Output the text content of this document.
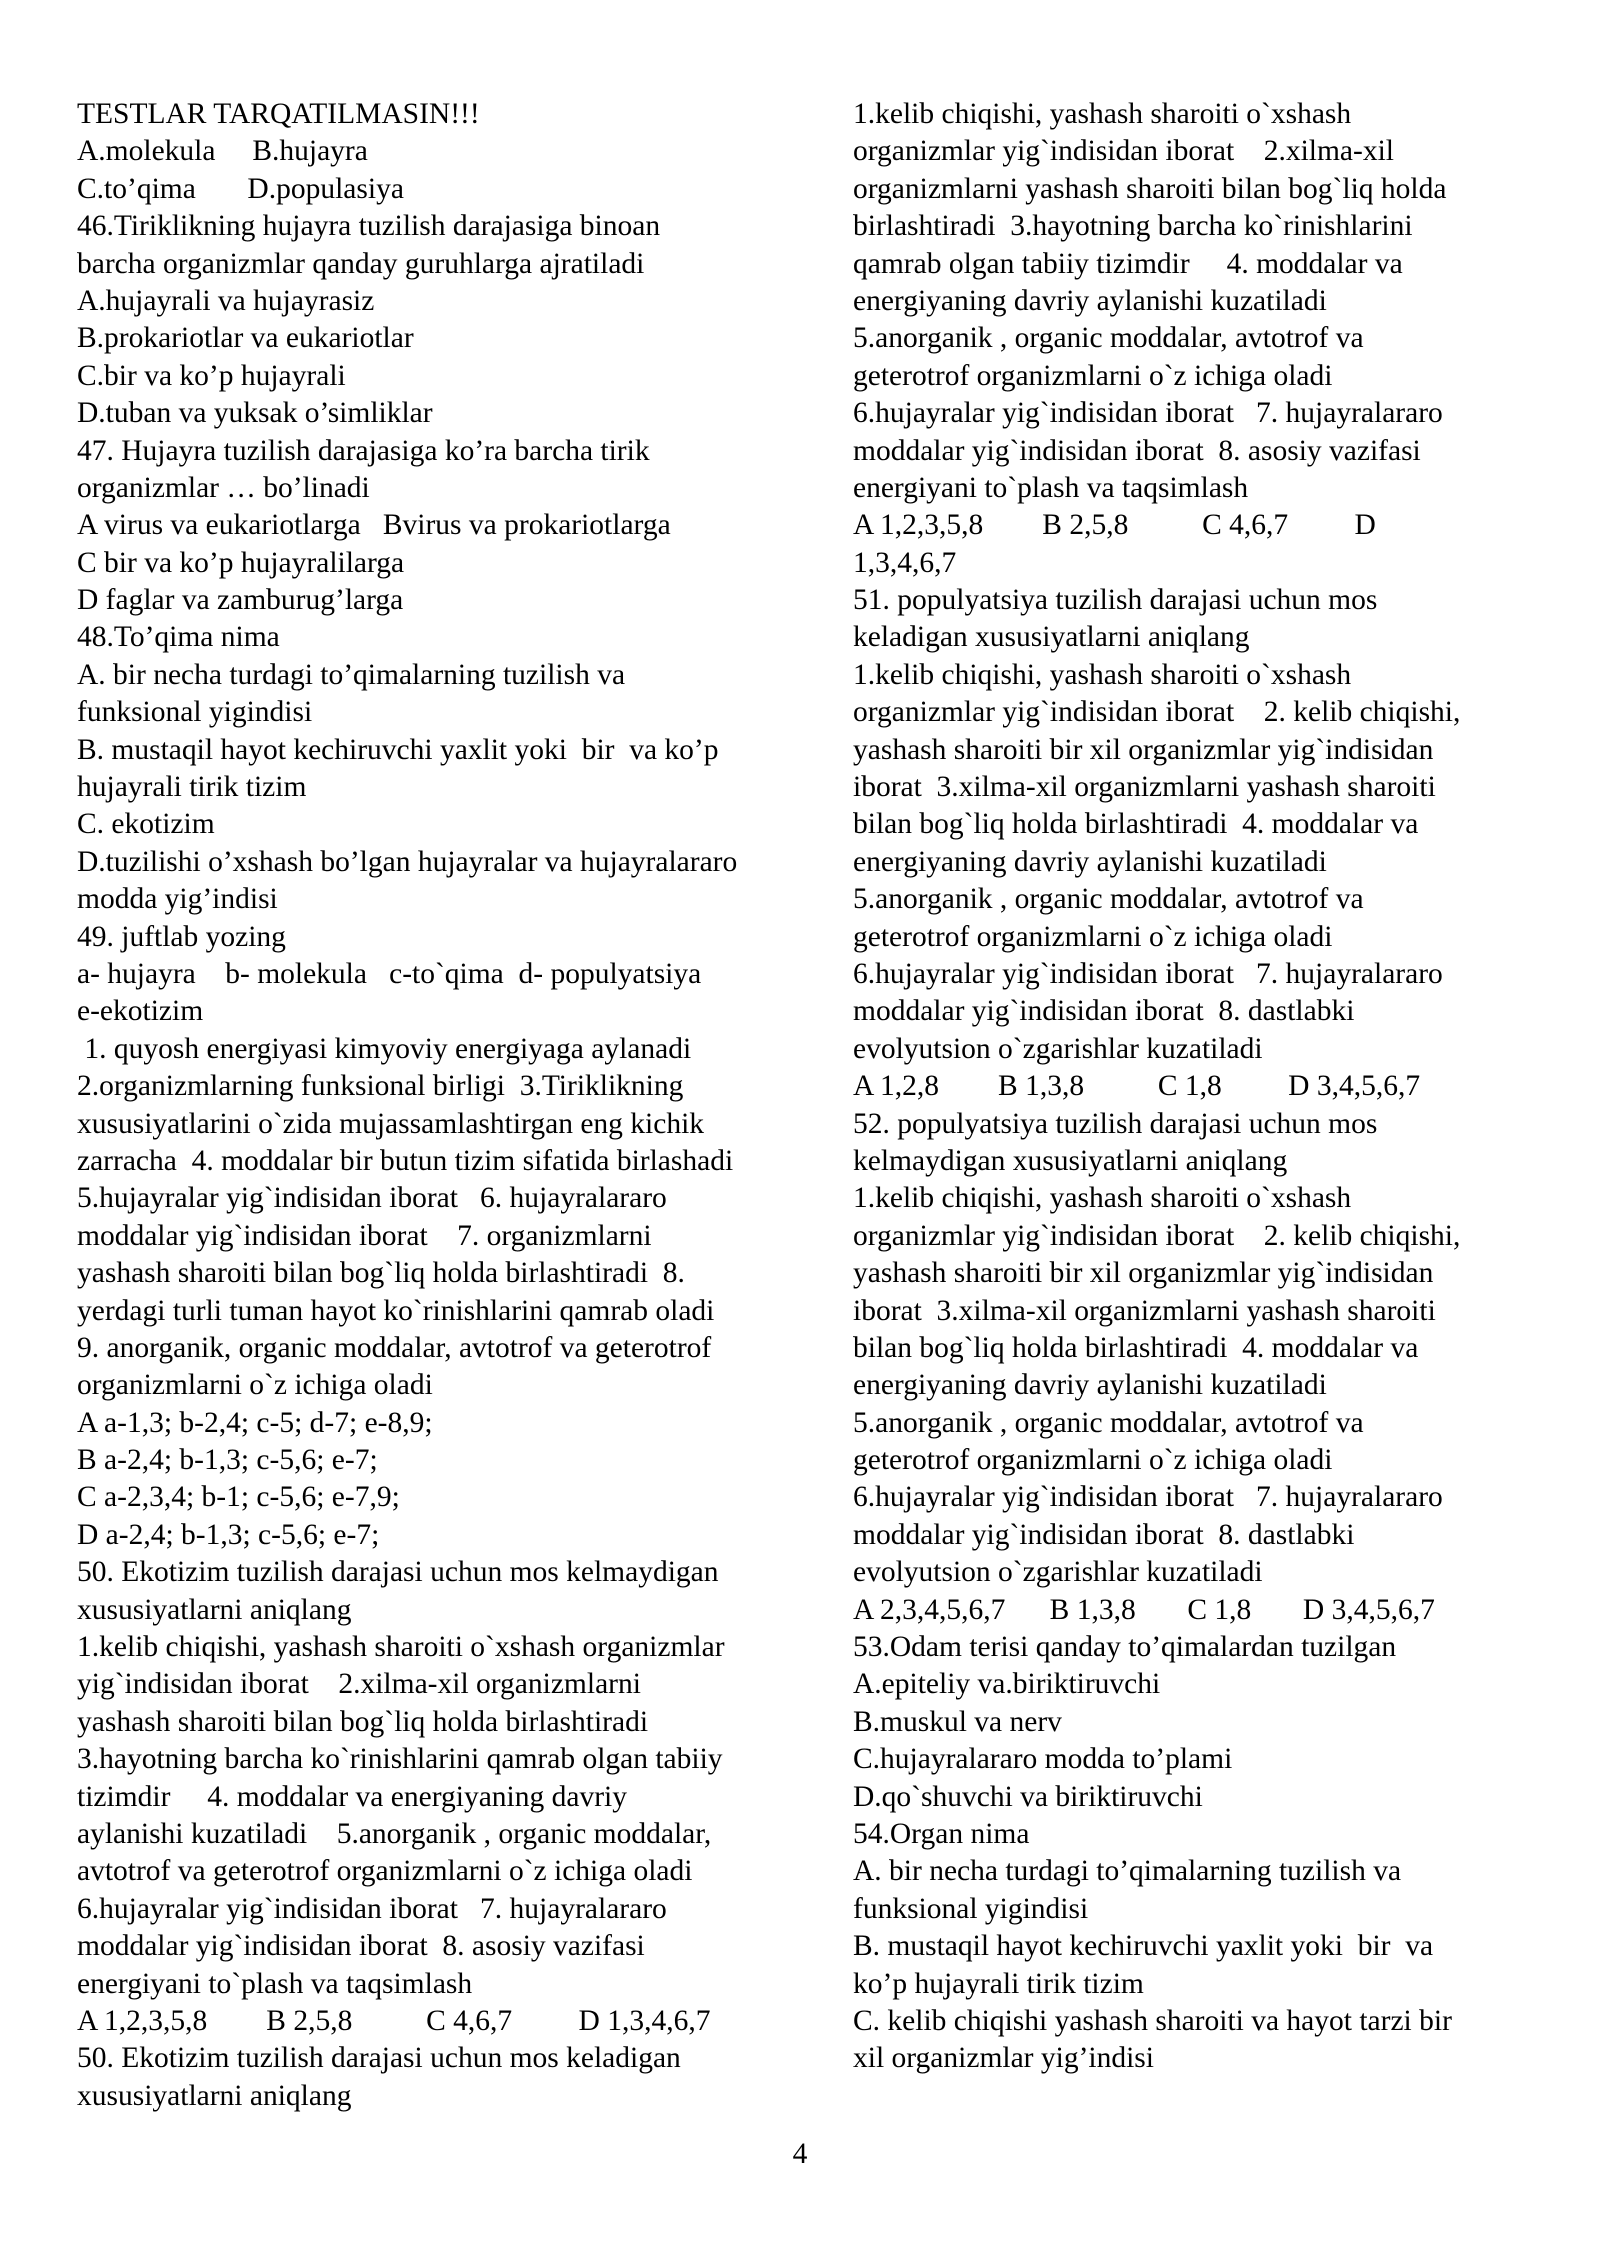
TESTLAR TARQATILMASIN!!!
A.molekula     B.hujayra
C.to’qima       D.populasiya
46.Tiriklikning hujayra tuzilish darajasiga binoan
barcha organizmlar qanday guruhlarga ajratiladi
A.hujayrali va hujayrasiz
B.prokariotlar va eukariotlar
C.bir va ko’p hujayrali
D.tuban va yuksak o’simliklar
47. Hujayra tuzilish darajasiga ko’ra barcha tirik
organizmlar … bo’linadi
A virus va eukariotlarga   Bvirus va prokariotlarga
C bir va ko’p hujayralilarga
D faglar va zamburug’larga
48.To’qima nima
A. bir necha turdagi to’qimalarning tuzilish va
funksional yigindisi
B. mustaqil hayot kechiruvchi yaxlit yoki  bir  va ko’p
hujayrali tirik tizim
C. ekotizim
D.tuzilishi o’xshash bo’lgan hujayralar va hujayralararo
modda yig’indisi
49. juftlab yozing
a- hujayra    b- molekula   c-to`qima  d- populyatsiya
e-ekotizim
1. quyosh energiyasi kimyoviy energiyaga aylanadi
2.organizmlarning funksional birligi  3.Tiriklikning
xususiyatlarini o`zida mujassamlashtirgan eng kichik
zarracha  4. moddalar bir butun tizim sifatida birlashadi
5.hujayralar yig`indisidan iborat   6. hujayralararo
moddalar yig`indisidan iborat    7. organizmlarni
yashash sharoiti bilan bog`liq holda birlashtiradi  8.
yerdagi turli tuman hayot ko`rinishlarini qamrab oladi
9. anorganik, organic moddalar, avtotrof va geterotrof
organizmlarni o`z ichiga oladi
A a-1,3; b-2,4; c-5; d-7; e-8,9;
B a-2,4; b-1,3; c-5,6; e-7;
C a-2,3,4; b-1; c-5,6; e-7,9;
D a-2,4; b-1,3; c-5,6; e-7;
50. Ekotizim tuzilish darajasi uchun mos kelmaydigan
xususiyatlarni aniqlang
1.kelib chiqishi, yashash sharoiti o`xshash organizmlar
yig`indisidan iborat    2.xilma-xil organizmlarni
yashash sharoiti bilan bog`liq holda birlashtiradi
3.hayotning barcha ko`rinishlarini qamrab olgan tabiiy
tizimdir     4. moddalar va energiyaning davriy
aylanishi kuzatiladi    5.anorganik , organic moddalar,
avtotrof va geterotrof organizmlarni o`z ichiga oladi
6.hujayralar yig`indisidan iborat   7. hujayralararo
moddalar yig`indisidan iborat  8. asosiy vazifasi
energiyani to`plash va taqsimlash
A 1,2,3,5,8        B 2,5,8          C 4,6,7         D 1,3,4,6,7
50. Ekotizim tuzilish darajasi uchun mos keladigan
xususiyatlarni aniqlang
1.kelib chiqishi, yashash sharoiti o`xshash
organizmlar yig`indisidan iborat    2.xilma-xil
organizmlarni yashash sharoiti bilan bog`liq holda
birlashtiradi  3.hayotning barcha ko`rinishlarini
qamrab olgan tabiiy tizimdir     4. moddalar va
energiyaning davriy aylanishi kuzatiladi
5.anorganik , organic moddalar, avtotrof va
geterotrof organizmlarni o`z ichiga oladi
6.hujayralar yig`indisidan iborat   7. hujayralararo
moddalar yig`indisidan iborat  8. asosiy vazifasi
energiyani to`plash va taqsimlash
A 1,2,3,5,8        B 2,5,8          C 4,6,7         D
1,3,4,6,7
51. populyatsiya tuzilish darajasi uchun mos
keladigan xususiyatlarni aniqlang
1.kelib chiqishi, yashash sharoiti o`xshash
organizmlar yig`indisidan iborat    2. kelib chiqishi,
yashash sharoiti bir xil organizmlar yig`indisidan
iborat  3.xilma-xil organizmlarni yashash sharoiti
bilan bog`liq holda birlashtiradi  4. moddalar va
energiyaning davriy aylanishi kuzatiladi
5.anorganik , organic moddalar, avtotrof va
geterotrof organizmlarni o`z ichiga oladi
6.hujayralar yig`indisidan iborat   7. hujayralararo
moddalar yig`indisidan iborat  8. dastlabki
evolyutsion o`zgarishlar kuzatiladi
A 1,2,8        B 1,3,8          C 1,8         D 3,4,5,6,7
52. populyatsiya tuzilish darajasi uchun mos
kelmaydigan xususiyatlarni aniqlang
1.kelib chiqishi, yashash sharoiti o`xshash
organizmlar yig`indisidan iborat    2. kelib chiqishi,
yashash sharoiti bir xil organizmlar yig`indisidan
iborat  3.xilma-xil organizmlarni yashash sharoiti
bilan bog`liq holda birlashtiradi  4. moddalar va
energiyaning davriy aylanishi kuzatiladi
5.anorganik , organic moddalar, avtotrof va
geterotrof organizmlarni o`z ichiga oladi
6.hujayralar yig`indisidan iborat   7. hujayralararo
moddalar yig`indisidan iborat  8. dastlabki
evolyutsion o`zgarishlar kuzatiladi
A 2,3,4,5,6,7      B 1,3,8       C 1,8       D 3,4,5,6,7
53.Odam terisi qanday to’qimalardan tuzilgan
A.epiteliy va.biriktiruvchi
B.muskul va nerv
C.hujayralararo modda to’plami
D.qo`shuvchi va biriktiruvchi
54.Organ nima
A. bir necha turdagi to’qimalarning tuzilish va
funksional yigindisi
B. mustaqil hayot kechiruvchi yaxlit yoki  bir  va
ko’p hujayrali tirik tizim
C. kelib chiqishi yashash sharoiti va hayot tarzi bir
xil organizmlar yig’indisi
4
